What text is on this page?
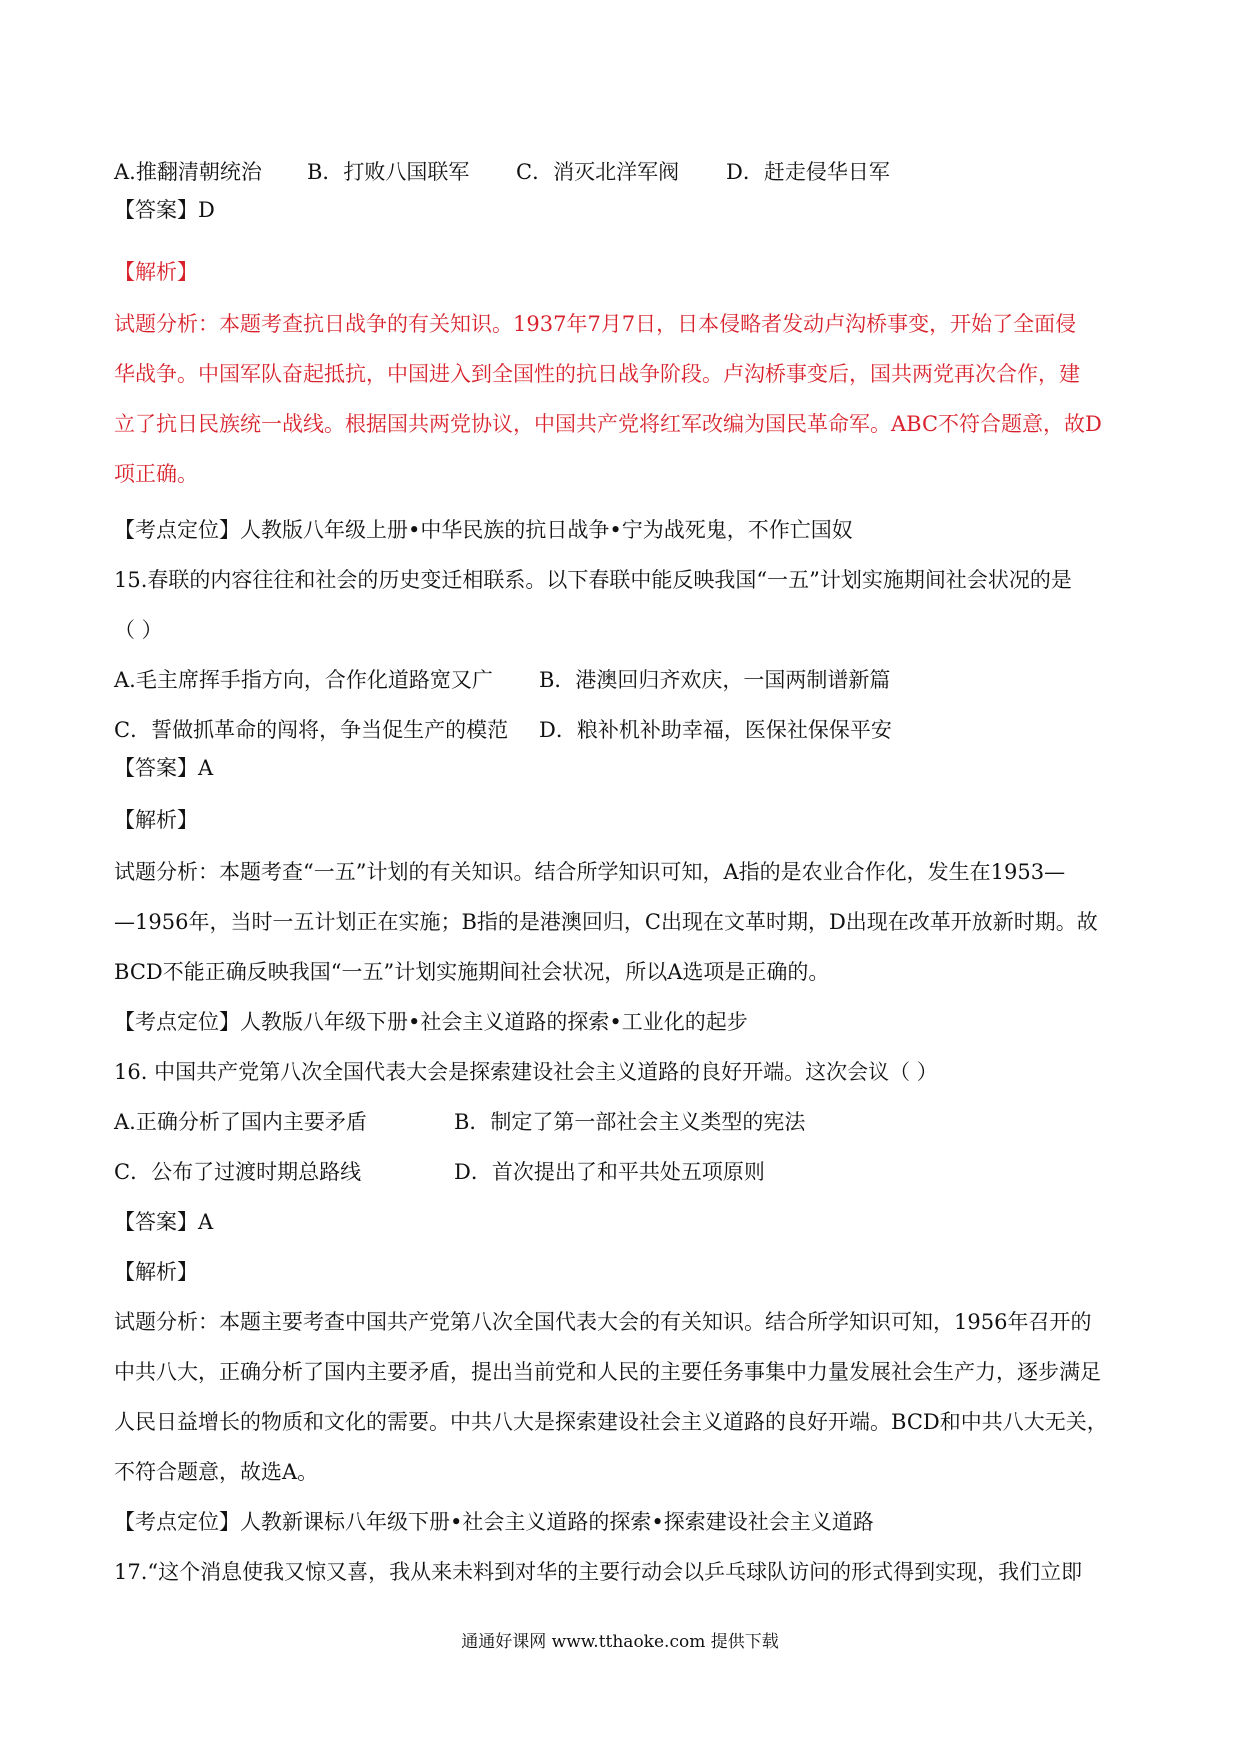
A.推翻清朝统治 B．打败八国联军 C．消灭北洋军阀 D．赶走侵华日军
【答案】D
【解析】
试题分析：本题考查抗日战争的有关知识。1937年7月7日，日本侵略者发动卢沟桥事变，开始了全面侵
华战争。中国军队奋起抵抗，中国进入到全国性的抗日战争阶段。卢沟桥事变后，国共两党再次合作，建
立了抗日民族统一战线。根据国共两党协议，中国共产党将红军改编为国民革命军。ABC不符合题意，故D
项正确。
【考点定位】人教版八年级上册•中华民族的抗日战争•宁为战死鬼，不作亡国奴
15.春联的内容往往和社会的历史变迁相联系。以下春联中能反映我国“一五”计划实施期间社会状况的是
（ ）
A.毛主席挥手指方向，合作化道路宽又广 B．港澳回归齐欢庆，一国两制谱新篇
C．誓做抓革命的闯将，争当促生产的模范 D．粮补机补助幸福，医保社保保平安
【答案】A
【解析】
试题分析：本题考查“一五”计划的有关知识。结合所学知识可知，A指的是农业合作化，发生在1953—
—1956年，当时一五计划正在实施；B指的是港澳回归，C出现在文革时期，D出现在改革开放新时期。故
BCD不能正确反映我国“一五”计划实施期间社会状况，所以A选项是正确的。
【考点定位】人教版八年级下册•社会主义道路的探索•工业化的起步
16. 中国共产党第八次全国代表大会是探索建设社会主义道路的良好开端。这次会议（ ）
A.正确分析了国内主要矛盾	B．制定了第一部社会主义类型的宪法
C．公布了过渡时期总路线	D．首次提出了和平共处五项原则
【答案】A
【解析】
试题分析：本题主要考查中国共产党第八次全国代表大会的有关知识。结合所学知识可知，1956年召开的
中共八大，正确分析了国内主要矛盾，提出当前党和人民的主要任务事集中力量发展社会生产力，逐步满足
人民日益增长的物质和文化的需要。中共八大是探索建设社会主义道路的良好开端。BCD和中共八大无关，
不符合题意，故选A。
【考点定位】人教新课标八年级下册•社会主义道路的探索•探索建设社会主义道路
17.“这个消息使我又惊又喜，我从来未料到对华的主要行动会以乒乓球队访问的形式得到实现，我们立即
通通好课网 www.tthaoke.com 提供下载
